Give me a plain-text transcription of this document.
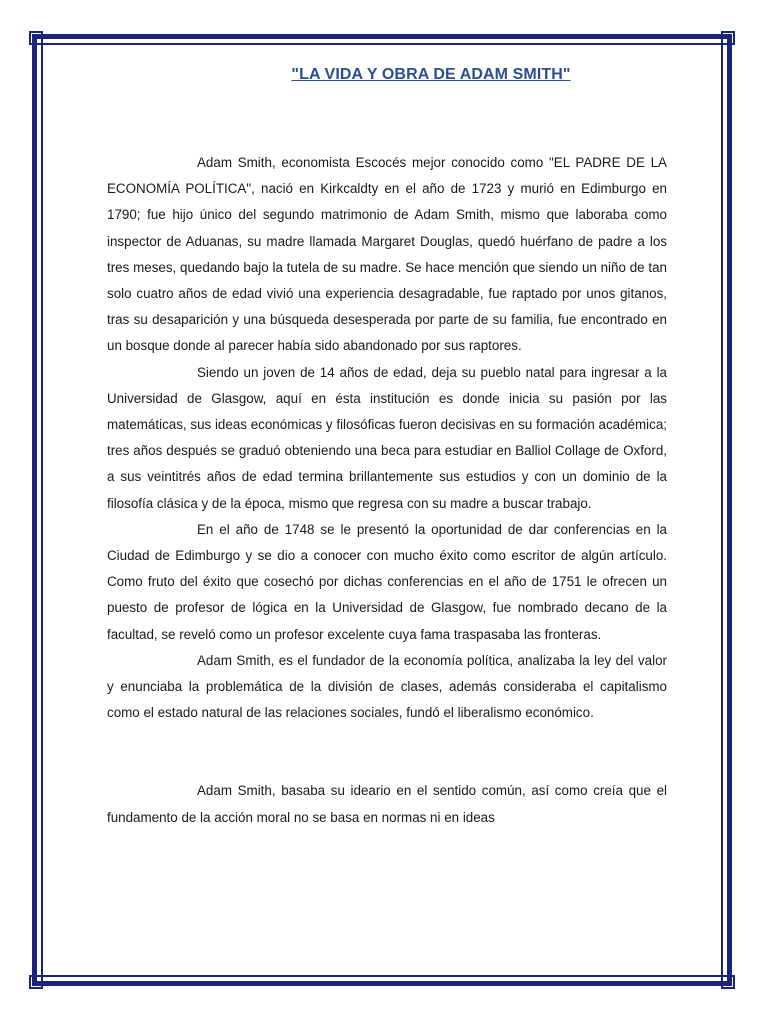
"LA VIDA Y OBRA DE ADAM SMITH"

Adam Smith, economista Escocés mejor conocido como "EL PADRE DE LA ECONOMÍA POLÍTICA", nació en Kirkcaldty en el año de 1723 y murió en Edimburgo en 1790; fue hijo único del segundo matrimonio de Adam Smith, mismo que laboraba como inspector de Aduanas, su madre llamada Margaret Douglas, quedó huérfano de padre a los tres meses, quedando bajo la tutela de su madre. Se hace mención que siendo un niño de tan solo cuatro años de edad vivió una experiencia desagradable, fue raptado por unos gitanos, tras su desaparición y una búsqueda desesperada por parte de su familia, fue encontrado en un bosque donde al parecer había sido abandonado por sus raptores.

Siendo un joven de 14 años de edad, deja su pueblo natal para ingresar a la Universidad de Glasgow, aquí en ésta institución es donde inicia su pasión por las matemáticas, sus ideas económicas y filosóficas fueron decisivas en su formación académica; tres años después se graduó obteniendo una beca para estudiar en Balliol Collage de Oxford, a sus veintitrés años de edad termina brillantemente sus estudios y con un dominio de la filosofía clásica y de la época, mismo que regresa con su madre a buscar trabajo.

En el año de 1748 se le presentó la oportunidad de dar conferencias en la Ciudad de Edimburgo y se dio a conocer con mucho éxito como escritor de algún artículo. Como fruto del éxito que cosechó por dichas conferencias en el año de 1751 le ofrecen un puesto de profesor de lógica en la Universidad de Glasgow, fue nombrado decano de la facultad, se reveló como un profesor excelente cuya fama traspasaba las fronteras.

Adam Smith, es el fundador de la economía política, analizaba la ley del valor y enunciaba la problemática de la división de clases, además consideraba el capitalismo como el estado natural de las relaciones sociales, fundó el liberalismo económico.

Adam Smith, basaba su ideario en el sentido común, así como creía que el fundamento de la acción moral no se basa en normas ni en ideas
